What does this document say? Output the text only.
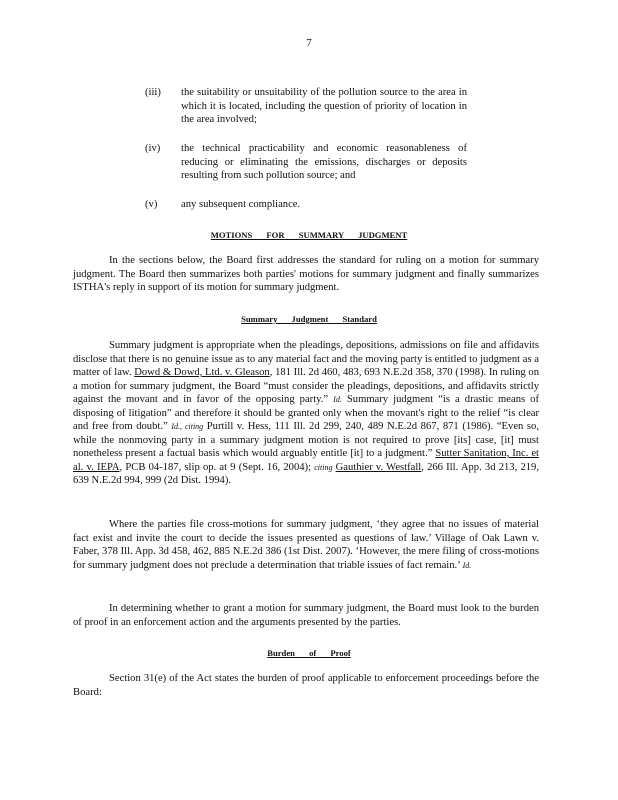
7
(iii)	the suitability or unsuitability of the pollution source to the area in which it is located, including the question of priority of location in the area involved;
(iv)	the technical practicability and economic reasonableness of reducing or eliminating the emissions, discharges or deposits resulting from such pollution source; and
(v)	any subsequent compliance.
MOTIONS FOR SUMMARY JUDGMENT

In the sections below, the Board first addresses the standard for ruling on a motion for summary judgment. The Board then summarizes both parties' motions for summary judgment and finally summarizes ISTHA's reply in support of its motion for summary judgment.

Summary Judgment Standard

Summary judgment is appropriate when the pleadings, depositions, admissions on file and affidavits disclose that there is no genuine issue as to any material fact and the moving party is entitled to judgment as a matter of law. Dowd & Dowd, Ltd. v. Gleason, 181 Ill. 2d 460, 483, 693 N.E.2d 358, 370 (1998). In ruling on a motion for summary judgment, the Board “must consider the pleadings, depositions, and affidavits strictly against the movant and in favor of the opposing party.” Id. Summary judgment “is a drastic means of disposing of litigation” and therefore it should be granted only when the movant's right to the relief “is clear and free from doubt.” Id., citing Purtill v. Hess, 111 Ill. 2d 299, 240, 489 N.E.2d 867, 871 (1986). “Even so, while the nonmoving party in a summary judgment motion is not required to prove [its] case, [it] must nonetheless present a factual basis which would arguably entitle [it] to a judgment.” Sutter Sanitation, Inc. et al. v. IEPA, PCB 04-187, slip op. at 9 (Sept. 16, 2004); citing Gauthier v. Westfall, 266 Ill. App. 3d 213, 219, 639 N.E.2d 994, 999 (2d Dist. 1994).

Where the parties file cross-motions for summary judgment, ‘they agree that no issues of material fact exist and invite the court to decide the issues presented as questions of law.’ Village of Oak Lawn v. Faber, 378 Ill. App. 3d 458, 462, 885 N.E.2d 386 (1st Dist. 2007). ‘However, the mere filing of cross-motions for summary judgment does not preclude a determination that triable issues of fact remain.’ Id.

In determining whether to grant a motion for summary judgment, the Board must look to the burden of proof in an enforcement action and the arguments presented by the parties.

Burden of Proof

Section 31(e) of the Act states the burden of proof applicable to enforcement proceedings before the Board:
